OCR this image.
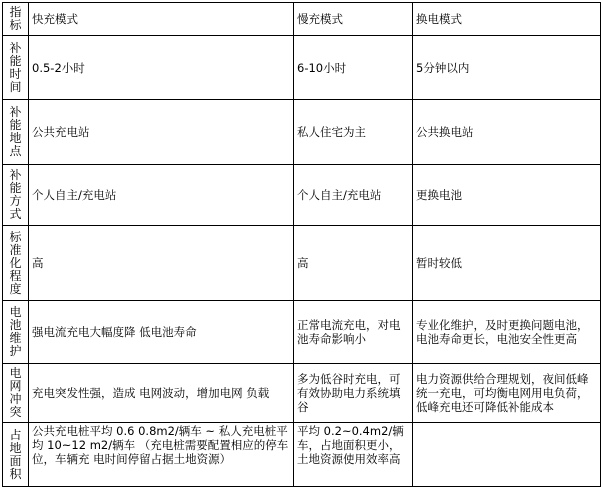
指标	快充模式	慢充模式	换电模式

补能时间	0.5-2小时	6-10小时	5分钟以内

补能地点	公共充电站	私人住宅为主	公共换电站

补能方式	个人自主/充电站	个人自主/充电站	更换电池

标准化程度	高	高	暂时较低

电池维护	强电流充电大幅度降 低电池寿命	正常电流充电，对电池寿命影响小	专业化维护，及时更换问题电池，电池寿命更长，电池安全性更高

电网冲突	充电突发性强，造成 电网波动，增加电网 负载	多为低谷时充电，可有效协助电力系统填谷	电力资源供给合理规划，夜间低峰统一充电，可均衡电网用电负荷，低峰充电还可降低补能成本

占地面积	公共充电桩平均 0.6 0.8m2/辆车 ~ 私人充电桩平均 10~12 m2/辆车 （充电桩需要配置相应的停车位，车辆充 电时间停留占据土地资源）	平均 0.2~0.4m2/辆车，占地面积更小，土地资源使用效率高	
